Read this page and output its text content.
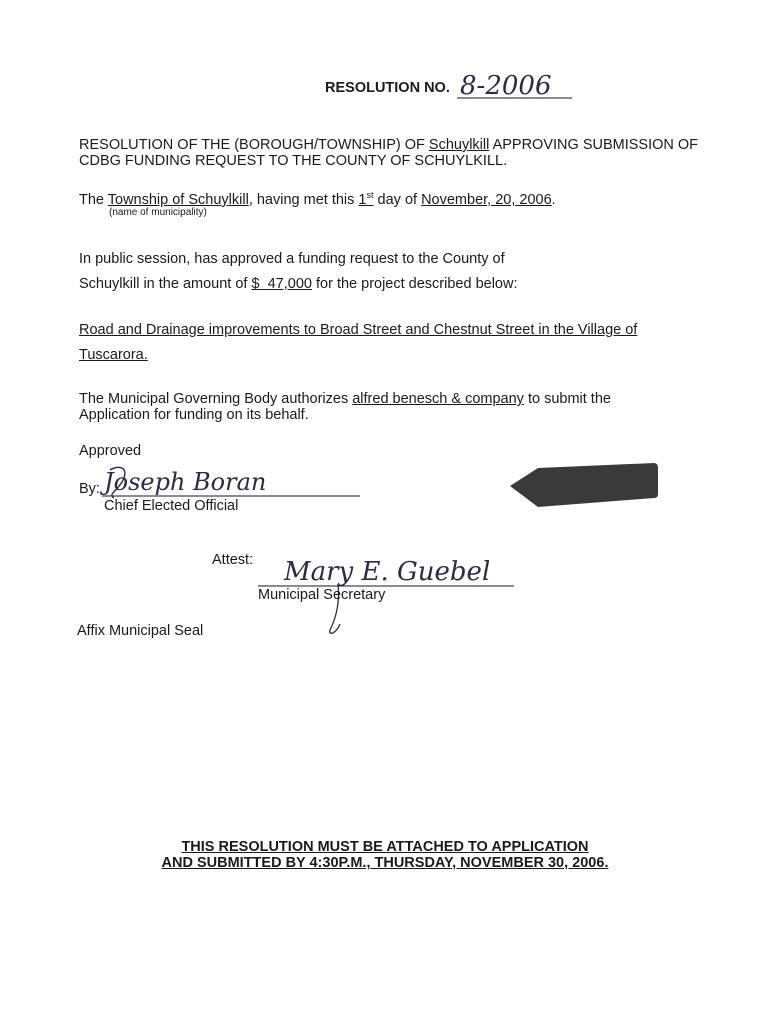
RESOLUTION NO. 8-2006
RESOLUTION OF THE (BOROUGH/TOWNSHIP) OF Schuylkill APPROVING SUBMISSION OF
CDBG FUNDING REQUEST TO THE COUNTY OF SCHUYLKILL.
The Township of Schuylkill, having met this 1st day of November, 20, 2006.
(name of municipality)
In public session, has approved a funding request to the County of
Schuylkill in the amount of $  47,000 for the project described below:
Road and Drainage improvements to Broad Street and Chestnut Street in the Village of
Tuscarora.
The Municipal Governing Body authorizes alfred benesch & company to submit the
Application for funding on its behalf.
Approved
By: Joseph Boran
Chief Elected Official
Attest: Mary E. Guebel
Municipal Secretary
Affix Municipal Seal
THIS RESOLUTION MUST BE ATTACHED TO APPLICATION
AND SUBMITTED BY 4:30P.M., THURSDAY, NOVEMBER 30, 2006.
